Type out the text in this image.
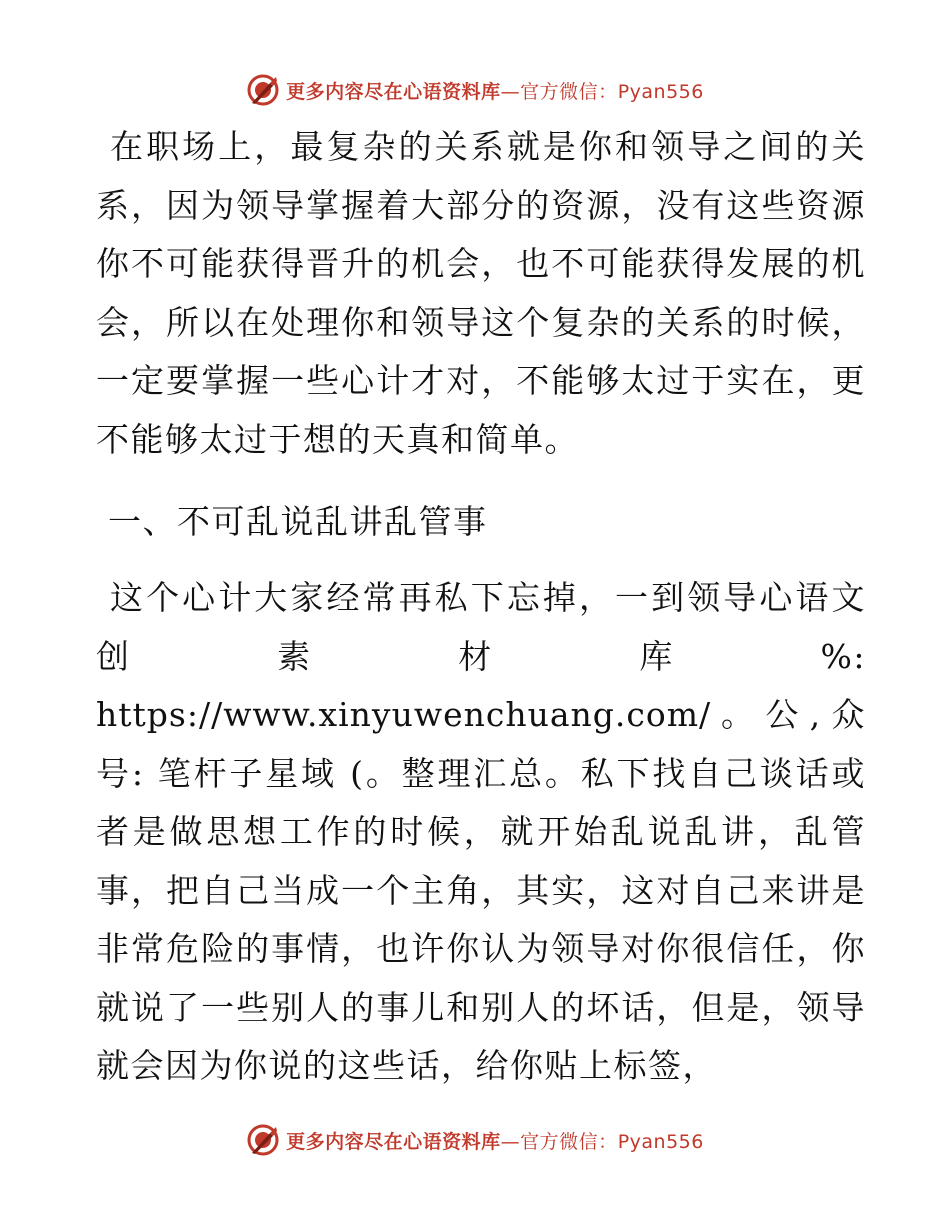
更多内容尽在心语资料库—官方微信：Pyan556

在职场上，最复杂的关系就是你和领导之间的关系，因为领导掌握着大部分的资源，没有这些资源你不可能获得晋升的机会，也不可能获得发展的机会，所以在处理你和领导这个复杂的关系的时候，一定要掌握一些心计才对，不能够太过于实在，更不能够太过于想的天真和简单。

一、不可乱说乱讲乱管事

这个心计大家经常再私下忘掉，一到领导心语文创素材库%: https://www.xinyuwenchuang.com/。公,众号: 笔杆子星域 (。整理汇总。私下找自己谈话或者是做思想工作的时候，就开始乱说乱讲，乱管事，把自己当成一个主角，其实，这对自己来讲是非常危险的事情，也许你认为领导对你很信任，你就说了一些别人的事儿和别人的坏话，但是，领导就会因为你说的这些话，给你贴上标签，

更多内容尽在心语资料库—官方微信：Pyan556
